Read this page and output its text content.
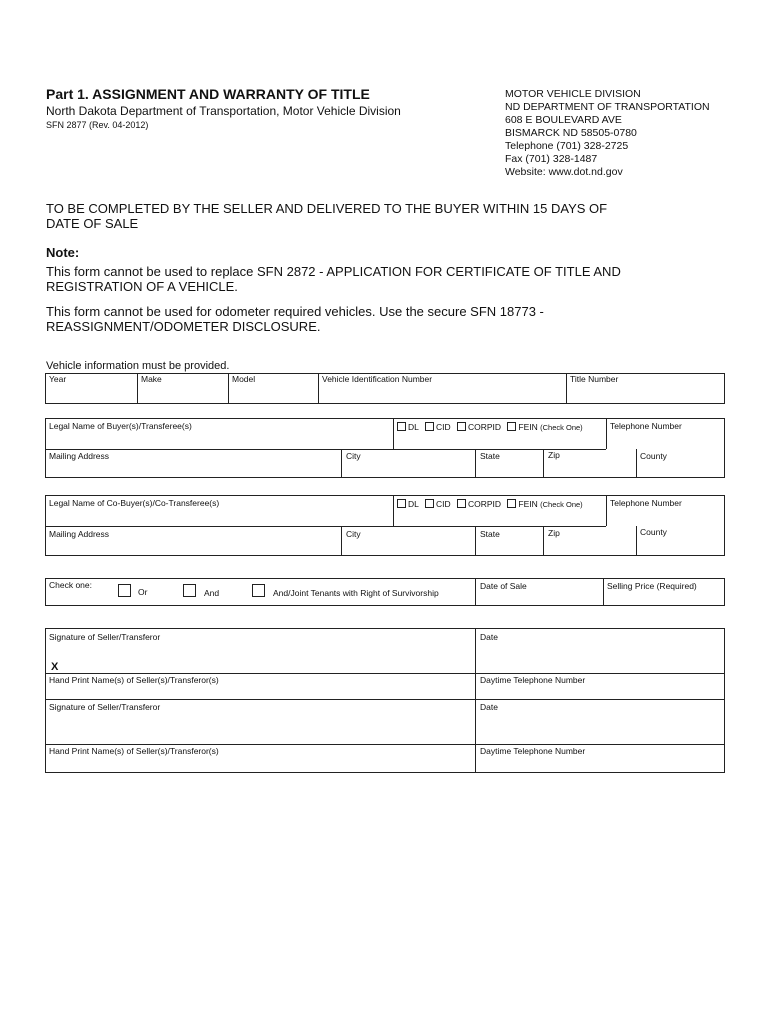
Part 1. ASSIGNMENT AND WARRANTY OF TITLE
North Dakota Department of Transportation, Motor Vehicle Division
SFN 2877 (Rev. 04-2012)
MOTOR VEHICLE DIVISION
ND DEPARTMENT OF TRANSPORTATION
608 E BOULEVARD AVE
BISMARCK ND 58505-0780
Telephone (701) 328-2725
Fax (701) 328-1487
Website: www.dot.nd.gov
TO BE COMPLETED BY THE SELLER AND DELIVERED TO THE BUYER WITHIN 15 DAYS OF
DATE OF SALE
Note:
This form cannot be used to replace SFN 2872 - APPLICATION FOR CERTIFICATE OF TITLE AND
REGISTRATION OF A VEHICLE.
This form cannot be used for odometer required vehicles. Use the secure SFN 18773 -
REASSIGNMENT/ODOMETER DISCLOSURE.
Vehicle information must be provided.
Year	Make	Model	Vehicle Identification Number	Title Number
Legal Name of Buyer(s)/Transferee(s)	DL CID CORPID FEIN (Check One)	Telephone Number
Mailing Address	City	State	Zip	County
Legal Name of Co-Buyer(s)/Co-Transferee(s)	DL CID CORPID FEIN (Check One)	Telephone Number
Mailing Address	City	State	Zip	County
Check one:
Or	And	And/Joint Tenants with Right of Survivorship
Date of Sale	Selling Price (Required)
Signature of Seller/Transferor	Date
X
Hand Print Name(s) of Seller(s)/Transferor(s)	Daytime Telephone Number
Signature of Seller/Transferor	Date
Hand Print Name(s) of Seller(s)/Transferor(s)	Daytime Telephone Number
